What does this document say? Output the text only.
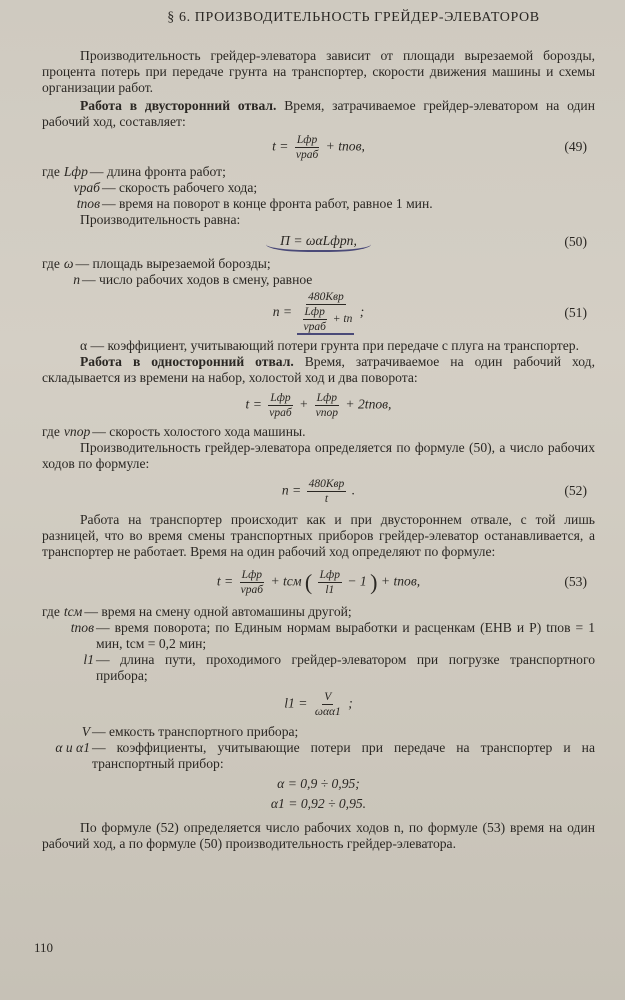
§ 6. ПРОИЗВОДИТЕЛЬНОСТЬ ГРЕЙДЕР-ЭЛЕВАТОРОВ

Производительность грейдер-элеватора зависит от площади вырезаемой борозды, процента потерь при передаче грунта на транспортер, скорости движения машины и схемы организации работ.

Работа в двусторонний отвал. Время, затрачиваемое грейдер-элеватором на один рабочий ход, составляет:

$t = \frac{\text{Lфр}}{\text{vраб}}$ + tпов,	(49)
где Lфр — длина фронта работ;
vраб — скорость рабочего хода;
tпов — время на поворот в конце фронта работ, равное 1 мин.

Производительность равна:

П = ωαLфрn,	(50)
где ω — площадь вырезаемой борозды;
n — число рабочих ходов в смену, равное
$n = \frac{\text{480Kвр}}{\frac{\text{Lфр}}{\text{vраб}} + tп}$ ;	(51)

α — коэффициент, учитывающий потери грунта при передаче с плуга на транспортер.

Работа в односторонний отвал. Время, затрачиваемое на один рабочий ход, складывается из времени на набор, холостой ход и два поворота:

$t = \frac{\text{Lфр}}{\text{vраб}} + \frac{\text{Lфр}}{\text{vпор}}$ + 2tпов,
где vпор — скорость холостого хода машины.

Производительность грейдер-элеватора определяется по формуле (50), а число рабочих ходов по формуле:

$n = \frac{\text{480Kвр}}{t}$ .	(52)

Работа на транспортер происходит как и при двустороннем отвале, с той лишь разницей, что во время смены транспортных приборов грейдер-элеватор останавливается, а транспортер не работает. Время на один рабочий ход определяют по формуле:

$t = \frac{\text{Lфр}}{\text{vраб}}$ + tсм ( $\frac{\text{Lфр}}{l1} - 1$ ) + tпов,	(53)
где tсм — время на смену одной автомашины другой;
tпов — время поворота; по Единым нормам выработки и расценкам (ЕНВ и Р) tпов = 1 мин, tсм = 0,2 мин;
l1 — длина пути, проходимого грейдер-элеватором при погрузке транспортного прибора;
$l1 = \frac{V}{\text{ωαα1}}$ ;
V — емкость транспортного прибора;
α и α1 — коэффициенты, учитывающие потери при передаче на транспортер и на транспортный прибор:
α = 0,9 ÷ 0,95;
α1 = 0,92 ÷ 0,95.

По формуле (52) определяется число рабочих ходов n, по формуле (53) время на один рабочий ход, а по формуле (50) производительность грейдер-элеватора.

110
